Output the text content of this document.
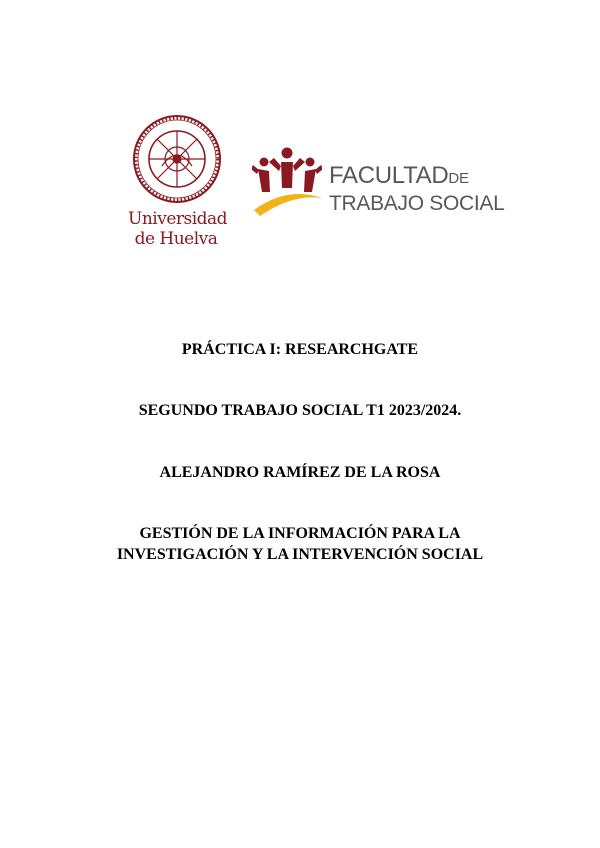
Universidad
de Huelva
FACULTADDE
TRABAJO SOCIAL
PRÁCTICA I: RESEARCHGATE
SEGUNDO TRABAJO SOCIAL T1 2023/2024.
ALEJANDRO RAMÍREZ DE LA ROSA
GESTIÓN DE LA INFORMACIÓN PARA LA
INVESTIGACIÓN Y LA INTERVENCIÓN SOCIAL
